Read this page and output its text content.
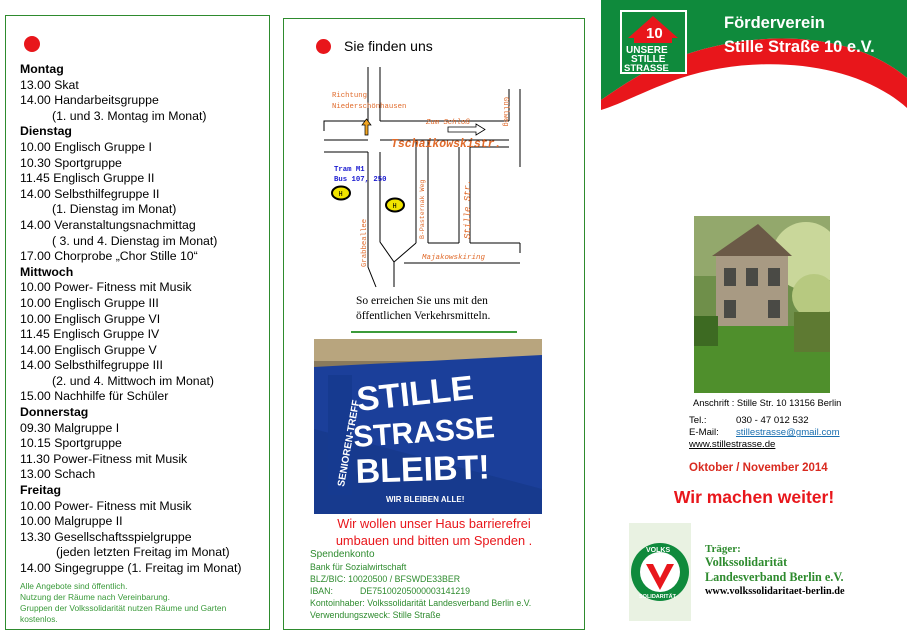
Montag
13.00 Skat
14.00 Handarbeitsgruppe
(1. und 3. Montag im Monat)
Dienstag
10.00 Englisch Gruppe I
10.30 Sportgruppe
11.45 Englisch Gruppe II
14.00 Selbsthilfegruppe II
(1. Dienstag im Monat)
14.00 Veranstaltungsnachmittag
( 3. und 4. Dienstag im Monat)
17.00 Chorprobe „Chor Stille 10“
Mittwoch
10.00 Power- Fitness mit Musik
10.00 Englisch Gruppe III
10.00 Englisch Gruppe VI
11.45 Englisch Gruppe IV
14.00 Englisch Gruppe V
14.00 Selbsthilfegruppe III
(2. und 4. Mittwoch im Monat)
15.00 Nachhilfe für Schüler
Donnerstag
09.30 Malgruppe I
10.15 Sportgruppe
11.30 Power-Fitness mit Musik
13.00 Schach
Freitag
10.00 Power- Fitness mit Musik
10.00 Malgruppe II
13.30 Gesellschaftsspielgruppe
(jeden letzten Freitag im Monat)
14.00 Singegruppe (1. Freitag im Monat)
Alle Angebote sind öffentlich.
Nutzung der Räume nach Vereinbarung.
Gruppen der Volkssolidarität nutzen Räume und Garten
kostenlos.
Sie finden uns
Richtung
Niederschönhausen
Zum Schloß
Tschaikowskistr.
Güllweg
Tram M1
Bus 107, 250
H
H
Grabbeallee
B-Pasternak Weg	Stille Str.
Majakowskiring
So erreichen Sie uns mit den
öffentlichen Verkehrsmitteln.
SENIOREN-TREFF
STILLE
STRASSE
BLEIBT!
WIR BLEIBEN ALLE!
Wir wollen unser Haus barrierefrei
umbauen und bitten um Spenden .
Spendenkonto
Bank für Sozialwirtschaft
BLZ/BIC: 10020500 / BFSWDE33BER
IBAN:	DE75100205000003141219
Kontoinhaber: Volkssolidarität Landesverband Berlin e.V.
Verwendungszweck: Stille Straße
10
UNSERE
STILLE
STRASSE
Förderverein
Stille Straße 10 e.V.
Anschrift : Stille Str. 10 13156 Berlin
Tel.:	030 - 47 012 532
E-Mail: stillestrasse@gmail.com
www.stillestrasse.de
Oktober / November 2014
Wir machen weiter!
VOLKS
SOLIDARITÄT
Träger:
Volkssolidarität
Landesverband Berlin e.V.
www.volkssolidaritaet-berlin.de
